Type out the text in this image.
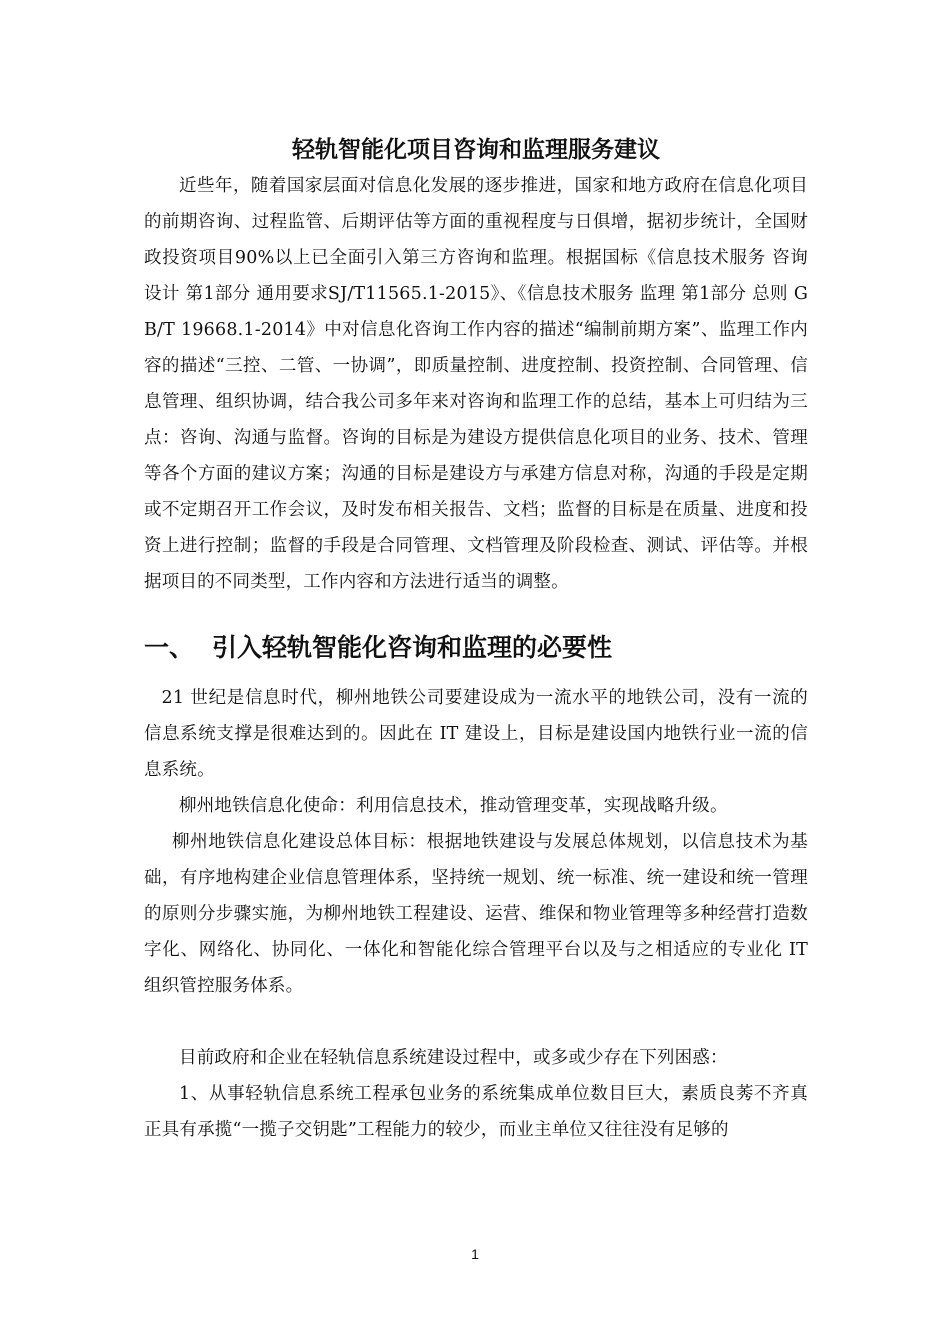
轻轨智能化项目咨询和监理服务建议

近些年，随着国家层面对信息化发展的逐步推进，国家和地方政府在信息化项目的前期咨询、过程监管、后期评估等方面的重视程度与日俱增，据初步统计，全国财政投资项目90%以上已全面引入第三方咨询和监理。根据国标《信息技术服务 咨询设计 第1部分 通用要求SJ/T11565.1-2015》、《信息技术服务 监理 第1部分 总则 GB/T 19668.1-2014》中对信息化咨询工作内容的描述“编制前期方案”、监理工作内容的描述“三控、二管、一协调”，即质量控制、进度控制、投资控制、合同管理、信息管理、组织协调，结合我公司多年来对咨询和监理工作的总结，基本上可归结为三点：咨询、沟通与监督。咨询的目标是为建设方提供信息化项目的业务、技术、管理等各个方面的建议方案；沟通的目标是建设方与承建方信息对称，沟通的手段是定期或不定期召开工作会议，及时发布相关报告、文档；监督的目标是在质量、进度和投资上进行控制；监督的手段是合同管理、文档管理及阶段检查、测试、评估等。并根据项目的不同类型，工作内容和方法进行适当的调整。

一、 引入轻轨智能化咨询和监理的必要性

21 世纪是信息时代，柳州地铁公司要建设成为一流水平的地铁公司，没有一流的信息系统支撑是很难达到的。因此在 IT 建设上，目标是建设国内地铁行业一流的信息系统。

柳州地铁信息化使命：利用信息技术，推动管理变革，实现战略升级。

柳州地铁信息化建设总体目标：根据地铁建设与发展总体规划，以信息技术为基础，有序地构建企业信息管理体系，坚持统一规划、统一标准、统一建设和统一管理的原则分步骤实施，为柳州地铁工程建设、运营、维保和物业管理等多种经营打造数字化、网络化、协同化、一体化和智能化综合管理平台以及与之相适应的专业化 IT 组织管控服务体系。

目前政府和企业在轻轨信息系统建设过程中，或多或少存在下列困惑：

1、从事轻轨信息系统工程承包业务的系统集成单位数目巨大，素质良莠不齐真正具有承揽“一揽子交钥匙”工程能力的较少，而业主单位又往往没有足够的

1
